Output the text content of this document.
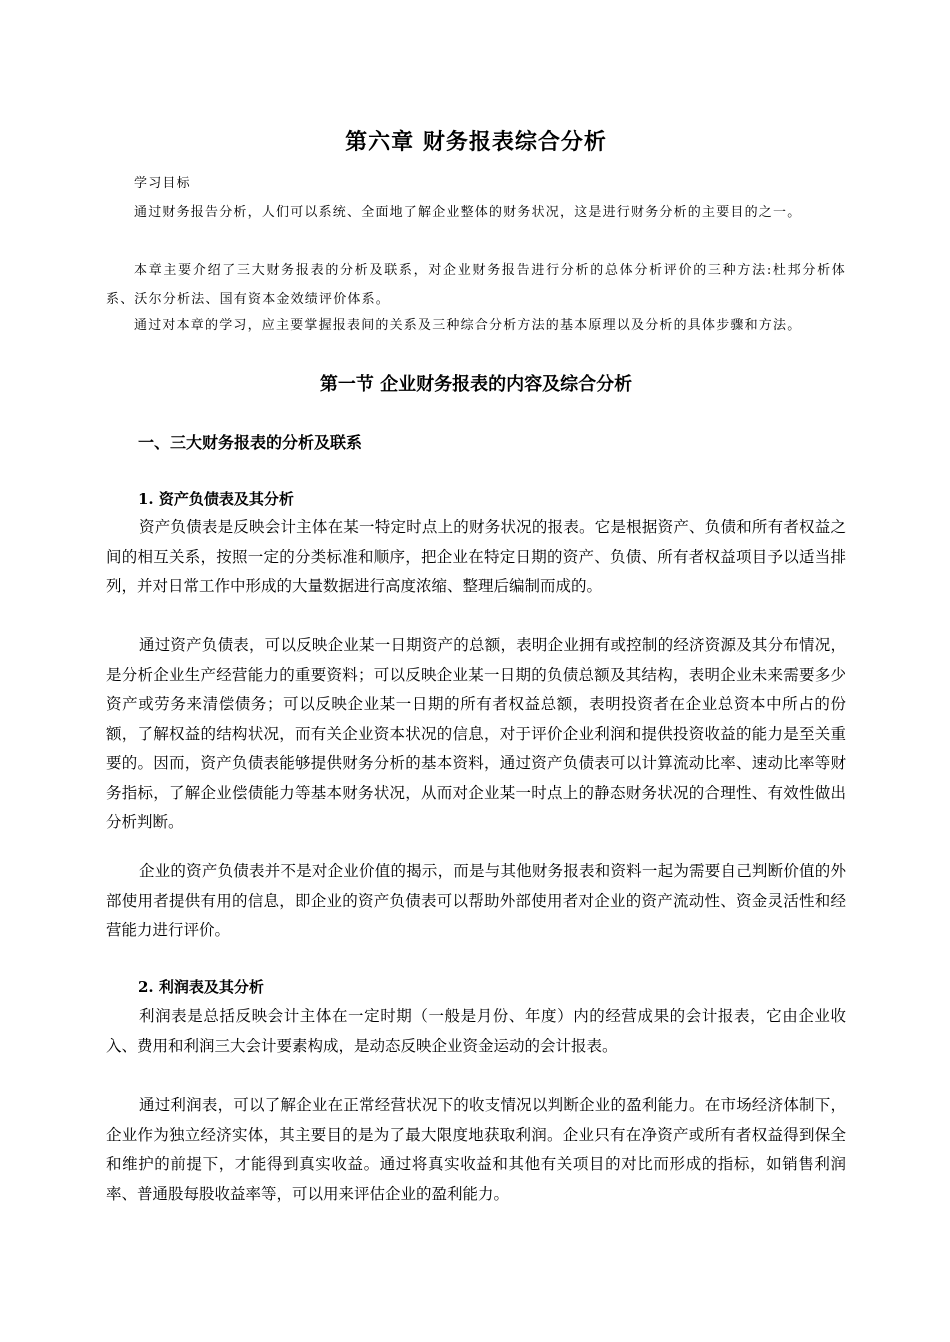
第六章 财务报表综合分析

学习目标

通过财务报告分析，人们可以系统、全面地了解企业整体的财务状况，这是进行财务分析的主要目的之一。

本章主要介绍了三大财务报表的分析及联系，对企业财务报告进行分析的总体分析评价的三种方法:杜邦分析体系、沃尔分析法、国有资本金效绩评价体系。

通过对本章的学习，应主要掌握报表间的关系及三种综合分析方法的基本原理以及分析的具体步骤和方法。

第一节 企业财务报表的内容及综合分析
一、三大财务报表的分析及联系
1. 资产负债表及其分析

资产负债表是反映会计主体在某一特定时点上的财务状况的报表。它是根据资产、负债和所有者权益之间的相互关系，按照一定的分类标准和顺序，把企业在特定日期的资产、负债、所有者权益项目予以适当排列，并对日常工作中形成的大量数据进行高度浓缩、整理后编制而成的。

通过资产负债表，可以反映企业某一日期资产的总额，表明企业拥有或控制的经济资源及其分布情况，是分析企业生产经营能力的重要资料；可以反映企业某一日期的负债总额及其结构，表明企业未来需要多少资产或劳务来清偿债务；可以反映企业某一日期的所有者权益总额，表明投资者在企业总资本中所占的份额，了解权益的结构状况，而有关企业资本状况的信息，对于评价企业利润和提供投资收益的能力是至关重要的。因而，资产负债表能够提供财务分析的基本资料，通过资产负债表可以计算流动比率、速动比率等财务指标，了解企业偿债能力等基本财务状况，从而对企业某一时点上的静态财务状况的合理性、有效性做出分析判断。

企业的资产负债表并不是对企业价值的揭示，而是与其他财务报表和资料一起为需要自己判断价值的外部使用者提供有用的信息，即企业的资产负债表可以帮助外部使用者对企业的资产流动性、资金灵活性和经营能力进行评价。

2. 利润表及其分析

利润表是总括反映会计主体在一定时期（一般是月份、年度）内的经营成果的会计报表，它由企业收入、费用和利润三大会计要素构成，是动态反映企业资金运动的会计报表。

通过利润表，可以了解企业在正常经营状况下的收支情况以判断企业的盈利能力。在市场经济体制下，企业作为独立经济实体，其主要目的是为了最大限度地获取利润。企业只有在净资产或所有者权益得到保全和维护的前提下，才能得到真实收益。通过将真实收益和其他有关项目的对比而形成的指标，如销售利润率、普通股每股收益率等，可以用来评估企业的盈利能力。
